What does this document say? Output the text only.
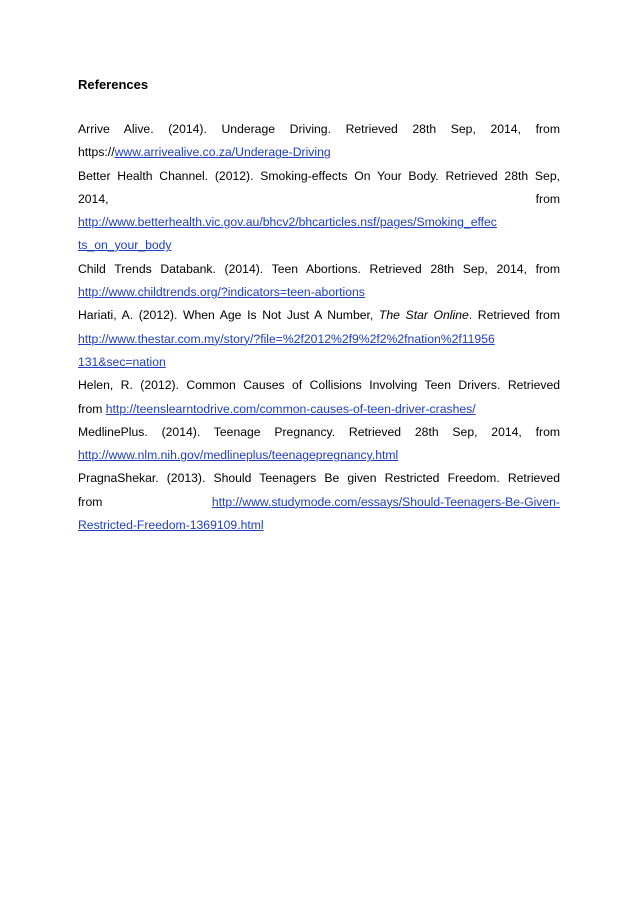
References

Arrive Alive. (2014). Underage Driving. Retrieved 28th Sep, 2014, from
https://www.arrivealive.co.za/Underage-Driving

Better Health Channel. (2012). Smoking-effects On Your Body. Retrieved 28th Sep,
2014,	from
http://www.betterhealth.vic.gov.au/bhcv2/bhcarticles.nsf/pages/Smoking_effec
ts_on_your_body

Child Trends Databank. (2014). Teen Abortions. Retrieved 28th Sep, 2014, from
http://www.childtrends.org/?indicators=teen-abortions

Hariati, A. (2012). When Age Is Not Just A Number, The Star Online. Retrieved from
http://www.thestar.com.my/story/?file=%2f2012%2f9%2f2%2fnation%2f11956
131&sec=nation

Helen, R. (2012). Common Causes of Collisions Involving Teen Drivers. Retrieved
from http://teenslearntodrive.com/common-causes-of-teen-driver-crashes/

MedlinePlus. (2014). Teenage Pregnancy. Retrieved 28th Sep, 2014, from
http://www.nlm.nih.gov/medlineplus/teenagepregnancy.html

PragnaShekar. (2013). Should Teenagers Be given Restricted Freedom. Retrieved
from	http://www.studymode.com/essays/Should-Teenagers-Be-Given-
Restricted-Freedom-1369109.html
